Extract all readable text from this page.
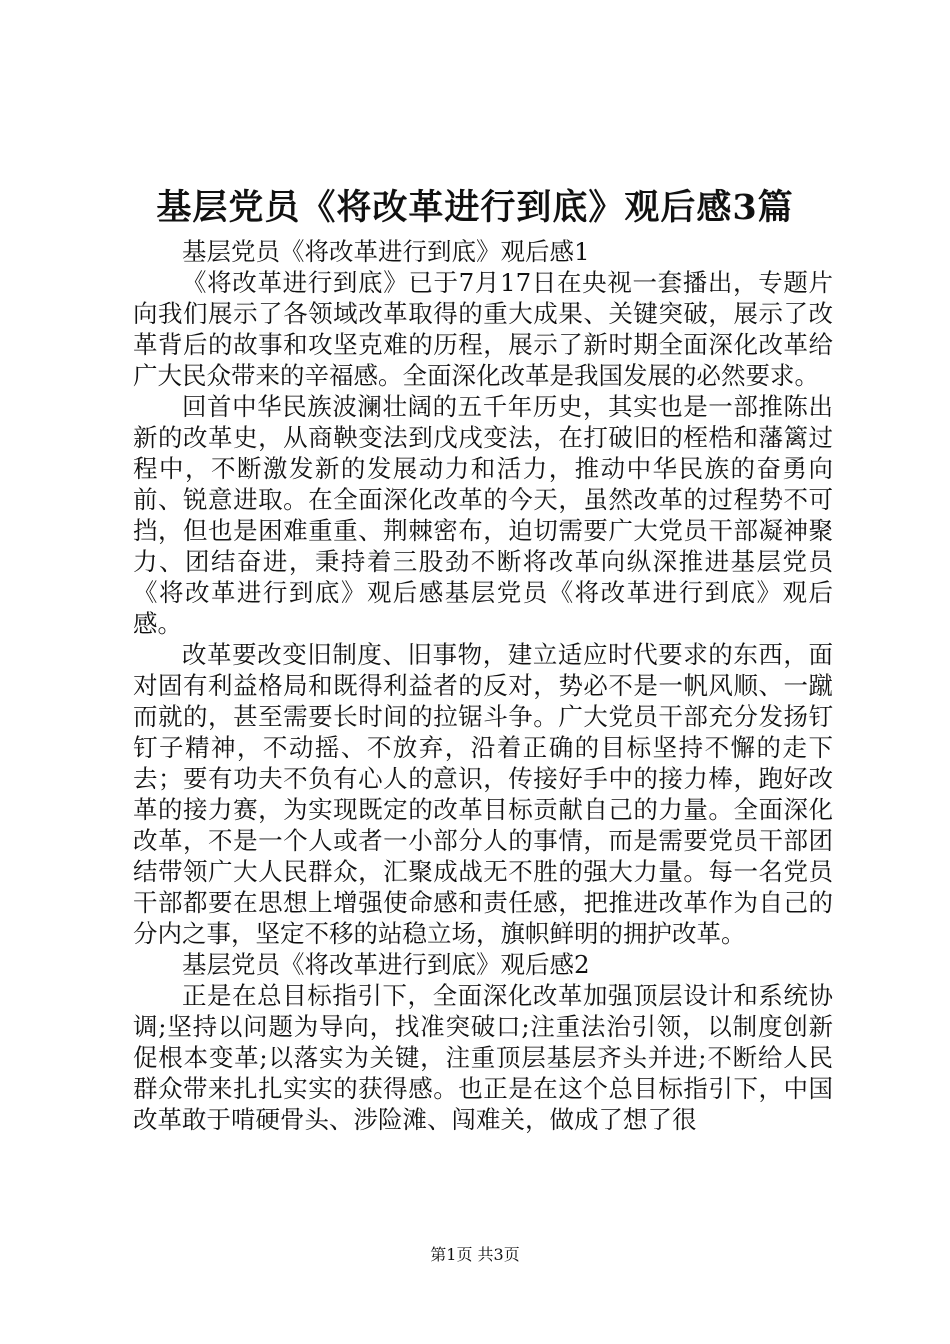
基层党员《将改革进行到底》观后感3篇

基层党员《将改革进行到底》观后感1

《将改革进行到底》已于7月17日在央视一套播出，专题片向我们展示了各领域改革取得的重大成果、关键突破，展示了改革背后的故事和攻坚克难的历程，展示了新时期全面深化改革给广大民众带来的辛福感。全面深化改革是我国发展的必然要求。

回首中华民族波澜壮阔的五千年历史，其实也是一部推陈出新的改革史，从商鞅变法到戊戌变法，在打破旧的桎梏和藩篱过程中，不断激发新的发展动力和活力，推动中华民族的奋勇向前、锐意进取。在全面深化改革的今天，虽然改革的过程势不可挡，但也是困难重重、荆棘密布，迫切需要广大党员干部凝神聚力、团结奋进，秉持着三股劲不断将改革向纵深推进基层党员《将改革进行到底》观后感基层党员《将改革进行到底》观后感。

改革要改变旧制度、旧事物，建立适应时代要求的东西，面对固有利益格局和既得利益者的反对，势必不是一帆风顺、一蹴而就的，甚至需要长时间的拉锯斗争。广大党员干部充分发扬钉钉子精神，不动摇、不放弃，沿着正确的目标坚持不懈的走下去；要有功夫不负有心人的意识，传接好手中的接力棒，跑好改革的接力赛，为实现既定的改革目标贡献自己的力量。全面深化改革，不是一个人或者一小部分人的事情，而是需要党员干部团结带领广大人民群众，汇聚成战无不胜的强大力量。每一名党员干部都要在思想上增强使命感和责任感，把推进改革作为自己的分内之事，坚定不移的站稳立场，旗帜鲜明的拥护改革。

基层党员《将改革进行到底》观后感2

正是在总目标指引下，全面深化改革加强顶层设计和系统协调;坚持以问题为导向，找准突破口;注重法治引领，以制度创新促根本变革;以落实为关键，注重顶层基层齐头并进;不断给人民群众带来扎扎实实的获得感。也正是在这个总目标指引下，中国改革敢于啃硬骨头、涉险滩、闯难关，做成了想了很

第1页 共3页
